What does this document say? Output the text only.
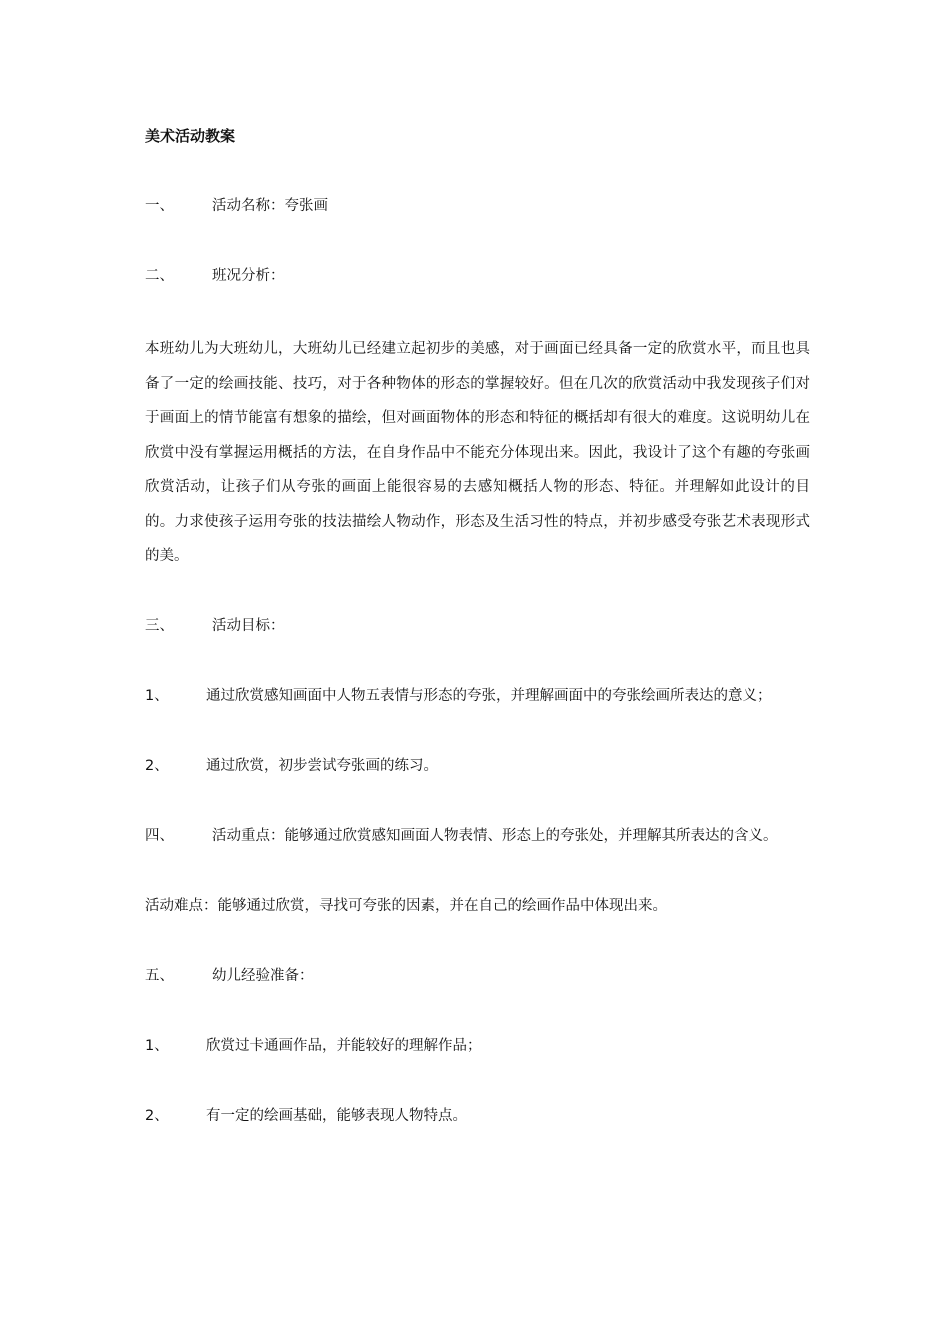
美术活动教案

一、	活动名称：夸张画

二、	班况分析：

本班幼儿为大班幼儿，大班幼儿已经建立起初步的美感，对于画面已经具备一定的欣赏水平，而且也具备了一定的绘画技能、技巧，对于各种物体的形态的掌握较好。但在几次的欣赏活动中我发现孩子们对于画面上的情节能富有想象的描绘，但对画面物体的形态和特征的概括却有很大的难度。这说明幼儿在欣赏中没有掌握运用概括的方法，在自身作品中不能充分体现出来。因此，我设计了这个有趣的夸张画欣赏活动，让孩子们从夸张的画面上能很容易的去感知概括人物的形态、特征。并理解如此设计的目的。力求使孩子运用夸张的技法描绘人物动作，形态及生活习性的特点，并初步感受夸张艺术表现形式的美。

三、	活动目标：

1、	通过欣赏感知画面中人物五表情与形态的夸张，并理解画面中的夸张绘画所表达的意义；

2、	通过欣赏，初步尝试夸张画的练习。

四、	活动重点：能够通过欣赏感知画面人物表情、形态上的夸张处，并理解其所表达的含义。

活动难点：能够通过欣赏，寻找可夸张的因素，并在自己的绘画作品中体现出来。

五、	幼儿经验准备：

1、	欣赏过卡通画作品，并能较好的理解作品；

2、	有一定的绘画基础，能够表现人物特点。
